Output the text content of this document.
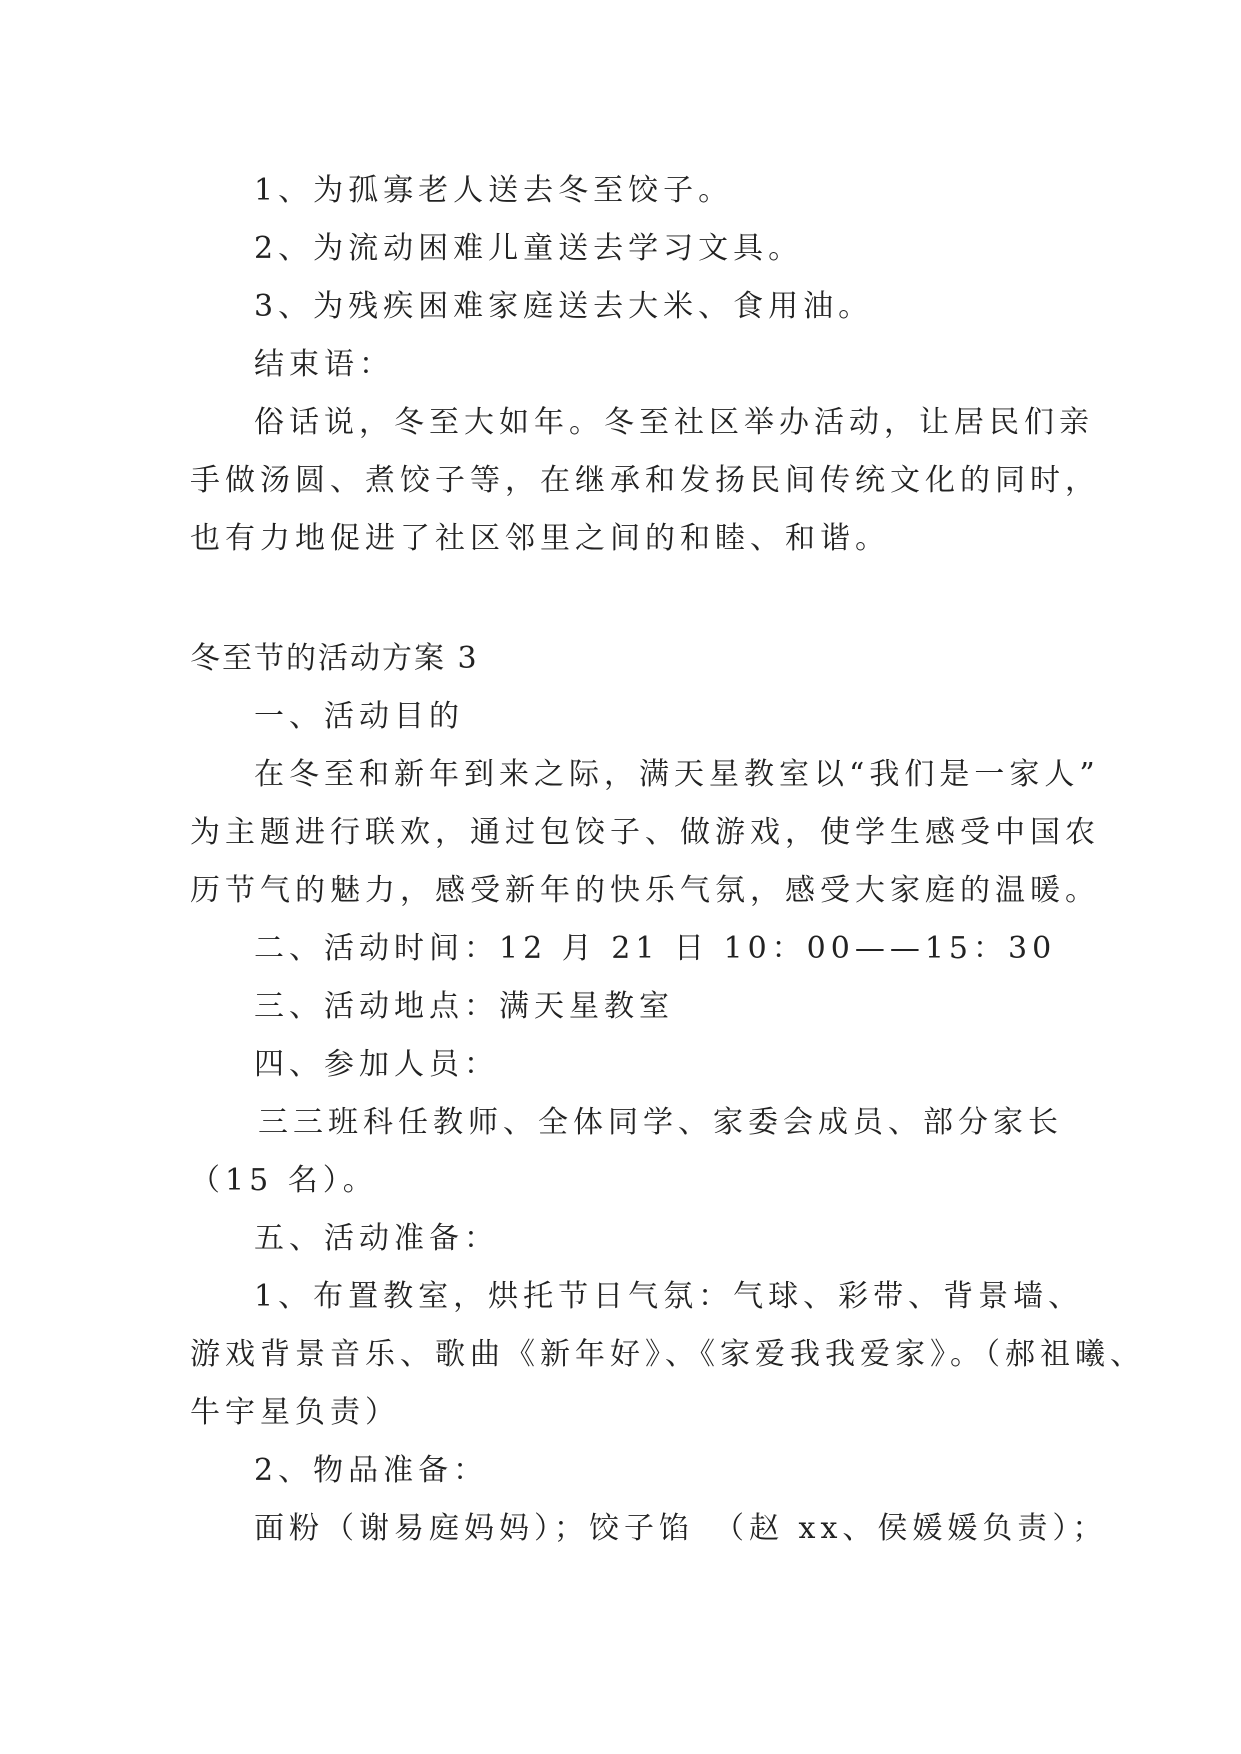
1、为孤寡老人送去冬至饺子。

2、为流动困难儿童送去学习文具。

3、为残疾困难家庭送去大米、食用油。

结束语：

俗话说，冬至大如年。冬至社区举办活动，让居民们亲

手做汤圆、煮饺子等，在继承和发扬民间传统文化的同时，

也有力地促进了社区邻里之间的和睦、和谐。

冬至节的活动方案 3

一、活动目的

在冬至和新年到来之际，满天星教室以“我们是一家人”

为主题进行联欢，通过包饺子、做游戏，使学生感受中国农

历节气的魅力，感受新年的快乐气氛，感受大家庭的温暖。

二、活动时间：12 月 21 日 10：00——15：30

三、活动地点：满天星教室

四、参加人员：

三三班科任教师、全体同学、家委会成员、部分家长

（15 名）。

五、活动准备：

1、布置教室，烘托节日气氛：气球、彩带、背景墙、

游戏背景音乐、歌曲《新年好》、《家爱我我爱家》。（郝祖曦、

牛宇星负责）

2、物品准备：

面粉（谢易庭妈妈）；饺子馅　（赵 xx、侯媛媛负责）；
